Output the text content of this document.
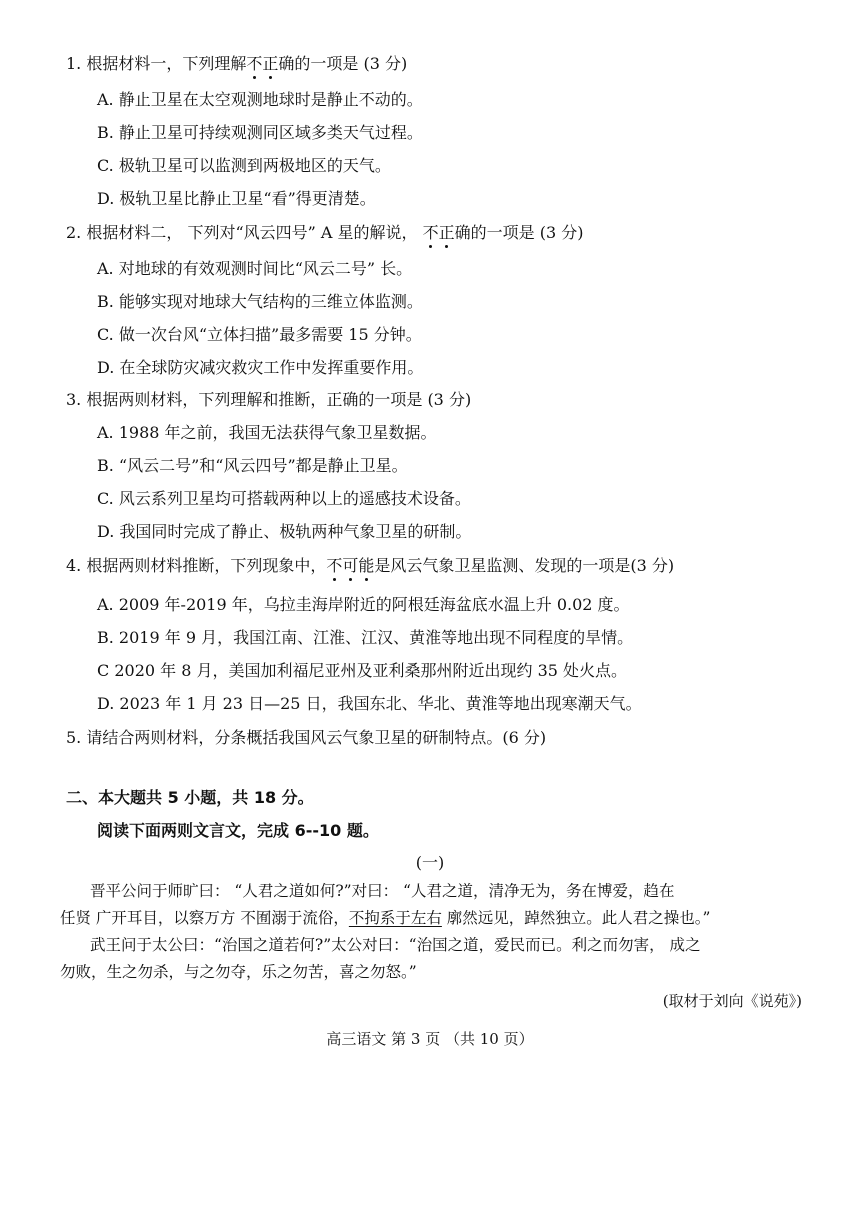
1. 根据材料一，下列理解不正确的一项是 (3 分)
A. 静止卫星在太空观测地球时是静止不动的。
B. 静止卫星可持续观测同区域多类天气过程。
C. 极轨卫星可以监测到两极地区的天气。
D. 极轨卫星比静止卫星“看”得更清楚。
2. 根据材料二， 下列对“风云四号” A 星的解说， 不正确的一项是 (3 分)
A. 对地球的有效观测时间比“风云二号” 长。
B. 能够实现对地球大气结构的三维立体监测。
C. 做一次台风“立体扫描”最多需要 15 分钟。
D. 在全球防灾减灾救灾工作中发挥重要作用。
3. 根据两则材料，下列理解和推断，正确的一项是 (3 分)
A. 1988 年之前，我国无法获得气象卫星数据。
B. “风云二号”和“风云四号”都是静止卫星。
C. 风云系列卫星均可搭载两种以上的遥感技术设备。
D. 我国同时完成了静止、极轨两种气象卫星的研制。
4. 根据两则材料推断，下列现象中，不可能是风云气象卫星监测、发现的一项是(3 分)
A. 2009 年-2019 年，乌拉圭海岸附近的阿根廷海盆底水温上升 0.02 度。
B. 2019 年 9 月，我国江南、江淮、江汉、黄淮等地出现不同程度的旱情。
C 2020 年 8 月，美国加利福尼亚州及亚利桑那州附近出现约 35 处火点。
D. 2023 年 1 月 23 日—25 日，我国东北、华北、黄淮等地出现寒潮天气。
5. 请结合两则材料，分条概括我国风云气象卫星的研制特点。(6 分)
二、本大题共 5 小题，共 18 分。
阅读下面两则文言文，完成 6--10 题。
(一)
晋平公问于师旷曰： “人君之道如何?”对曰： “人君之道，清净无为，务在博爱，趋在
任贤 广开耳目，以察万方 不囿溺于流俗，不拘系于左右 廓然远见，踔然独立。此人君之操也。”
武王问于太公曰：“治国之道若何?”太公对曰：“治国之道，爱民而已。利之而勿害， 成之
勿败，生之勿杀，与之勿夺，乐之勿苦，喜之勿怒。”
(取材于刘向《说苑》)
高三语文 第 3 页 （共 10 页）
